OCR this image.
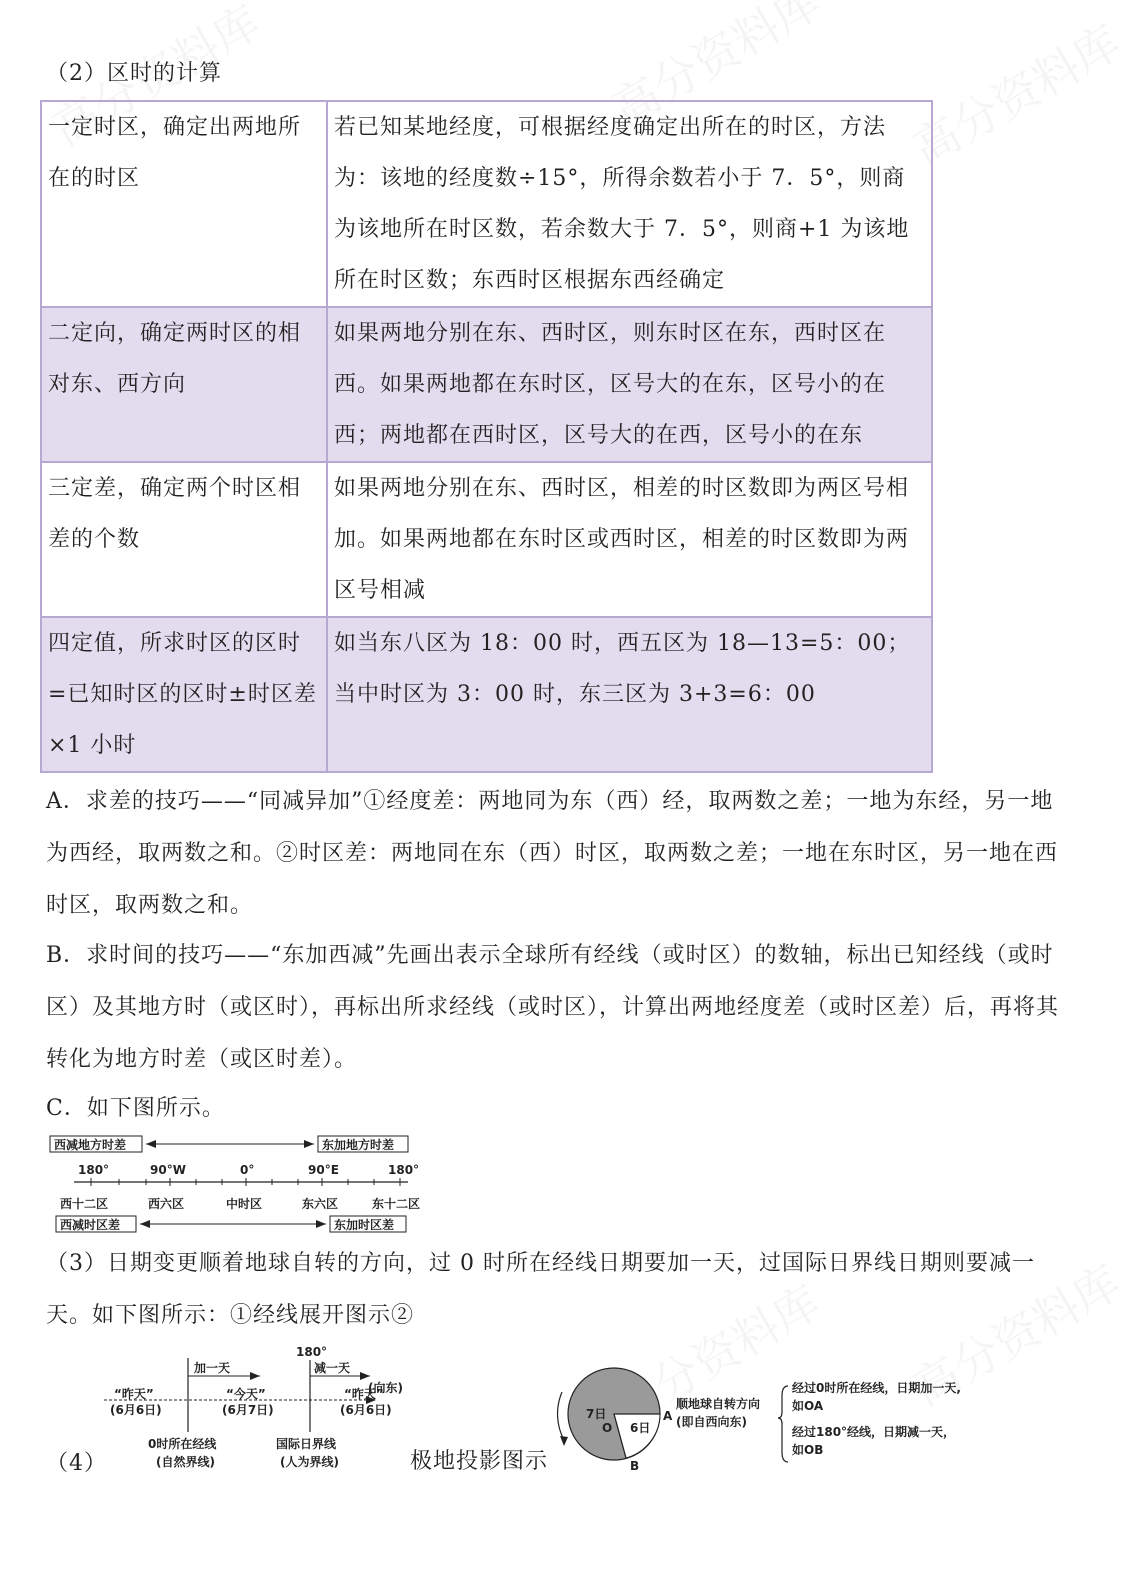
（2）区时的计算
一定时区，确定出两地所在的时区	若已知某地经度，可根据经度确定出所在的时区，方法为：该地的经度数÷15°，所得余数若小于 7．5°，则商为该地所在时区数，若余数大于 7．5°，则商+1 为该地所在时区数；东西时区根据东西经确定
二定向，确定两时区的相对东、西方向	如果两地分别在东、西时区，则东时区在东，西时区在西。如果两地都在东时区，区号大的在东，区号小的在西；两地都在西时区，区号大的在西，区号小的在东
三定差，确定两个时区相差的个数	如果两地分别在东、西时区，相差的时区数即为两区号相加。如果两地都在东时区或西时区，相差的时区数即为两区号相减
四定值，所求时区的区时=已知时区的区时±时区差×1 小时	如当东八区为 18：00 时，西五区为 18—13=5：00；当中时区为 3：00 时，东三区为 3+3=6：00
A．求差的技巧——“同减异加”①经度差：两地同为东（西）经，取两数之差；一地为东经，另一地为西经，取两数之和。②时区差：两地同在东（西）时区，取两数之差；一地在东时区，另一地在西时区，取两数之和。
B．求时间的技巧——“东加西减”先画出表示全球所有经线（或时区）的数轴，标出已知经线（或时区）及其地方时（或区时），再标出所求经线（或时区），计算出两地经度差（或时区差）后，再将其转化为地方时差（或区时差）。
C．如下图所示。
西减地方时差	东加地方时差
180°	90°W	0°	90°E	180°
西十二区	西六区	中时区	东六区	东十二区
西减时区差	东加时区差
（3）日期变更顺着地球自转的方向，过 0 时所在经线日期要加一天，过国际日界线日期则要减一天。如下图所示：①经线展开图示②
（4）
180°
加一天	减一天
(向东)
“昨天”
(6月6日)
“今天”
(6月7日)
“昨天”
(6月6日)
0时所在经线
(自然界线)
国际日界线
(人为界线)	极地投影图示
7日
O 6日
A
B
顺地球自转方向
(即自西向东)
经过0时所在经线，日期加一天,
如OA
经过180°经线，日期减一天，
如OB
